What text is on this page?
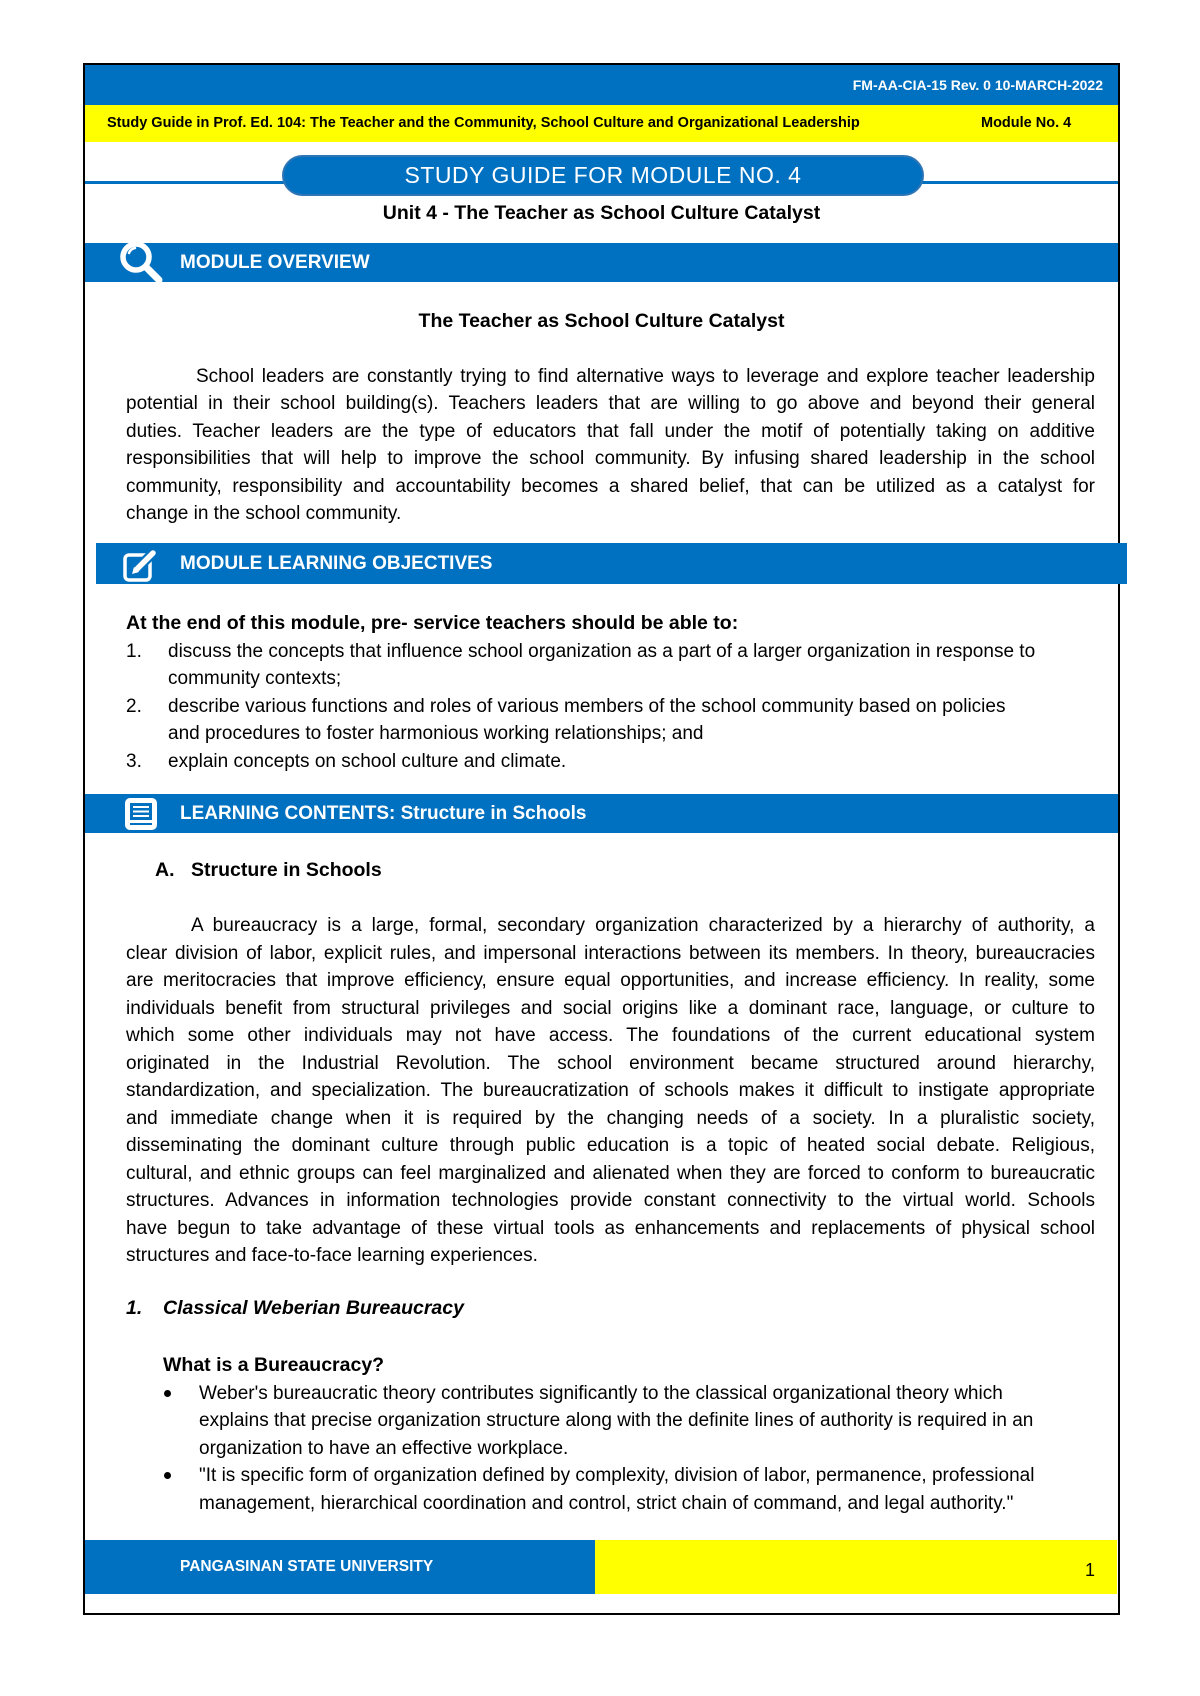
FM-AA-CIA-15 Rev. 0 10-MARCH-2022
Study Guide in Prof. Ed. 104: The Teacher and the Community, School Culture and Organizational Leadership	Module No. 4
STUDY GUIDE FOR MODULE NO. 4
Unit 4 - The Teacher as School Culture Catalyst
MODULE OVERVIEW
The Teacher as School Culture Catalyst
School leaders are constantly trying to find alternative ways to leverage and explore teacher leadership
potential in their school building(s). Teachers leaders that are willing to go above and beyond their general
duties. Teacher leaders are the type of educators that fall under the motif of potentially taking on additive
responsibilities that will help to improve the school community. By infusing shared leadership in the school
community, responsibility and accountability becomes a shared belief, that can be utilized as a catalyst for
change in the school community.
MODULE LEARNING OBJECTIVES
At the end of this module, pre- service teachers should be able to:
1. discuss the concepts that influence school organization as a part of a larger organization in response to
community contexts;
2. describe various functions and roles of various members of the school community based on policies
and procedures to foster harmonious working relationships; and
3. explain concepts on school culture and climate.
LEARNING CONTENTS: Structure in Schools
A. Structure in Schools
A bureaucracy is a large, formal, secondary organization characterized by a hierarchy of authority, a
clear division of labor, explicit rules, and impersonal interactions between its members. In theory, bureaucracies
are meritocracies that improve efficiency, ensure equal opportunities, and increase efficiency. In reality, some
individuals benefit from structural privileges and social origins like a dominant race, language, or culture to
which some other individuals may not have access. The foundations of the current educational system
originated in the Industrial Revolution. The school environment became structured around hierarchy,
standardization, and specialization. The bureaucratization of schools makes it difficult to instigate appropriate
and immediate change when it is required by the changing needs of a society. In a pluralistic society,
disseminating the dominant culture through public education is a topic of heated social debate. Religious,
cultural, and ethnic groups can feel marginalized and alienated when they are forced to conform to bureaucratic
structures. Advances in information technologies provide constant connectivity to the virtual world. Schools
have begun to take advantage of these virtual tools as enhancements and replacements of physical school
structures and face-to-face learning experiences.
1. Classical Weberian Bureaucracy
What is a Bureaucracy?
Weber's bureaucratic theory contributes significantly to the classical organizational theory which
explains that precise organization structure along with the definite lines of authority is required in an
organization to have an effective workplace.
"It is specific form of organization defined by complexity, division of labor, permanence, professional
management, hierarchical coordination and control, strict chain of command, and legal authority."
PANGASINAN STATE UNIVERSITY	1
